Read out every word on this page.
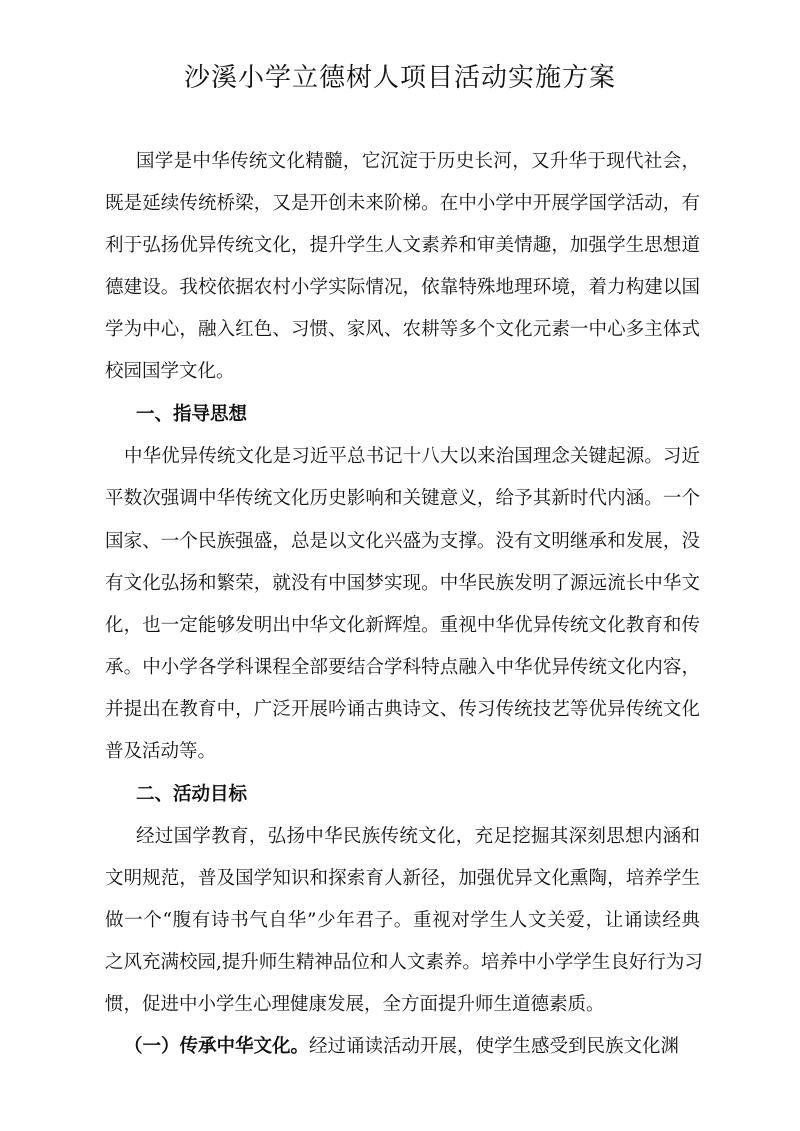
沙溪小学立德树人项目活动实施方案
国学是中华传统文化精髓，它沉淀于历史长河，又升华于现代社会，
既是延续传统桥梁，又是开创未来阶梯。在中小学中开展学国学活动，有
利于弘扬优异传统文化，提升学生人文素养和审美情趣，加强学生思想道
德建设。我校依据农村小学实际情况，依靠特殊地理环境，着力构建以国
学为中心，融入红色、习惯、家风、农耕等多个文化元素一中心多主体式
校园国学文化。
一、指导思想
中华优异传统文化是习近平总书记十八大以来治国理念关键起源。习近
平数次强调中华传统文化历史影响和关键意义，给予其新时代内涵。一个
国家、一个民族强盛，总是以文化兴盛为支撑。没有文明继承和发展，没
有文化弘扬和繁荣，就没有中国梦实现。中华民族发明了源远流长中华文
化，也一定能够发明出中华文化新辉煌。重视中华优异传统文化教育和传
承。中小学各学科课程全部要结合学科特点融入中华优异传统文化内容，
并提出在教育中，广泛开展吟诵古典诗文、传习传统技艺等优异传统文化
普及活动等。
二、活动目标
经过国学教育，弘扬中华民族传统文化，充足挖掘其深刻思想内涵和
文明规范，普及国学知识和探索育人新径，加强优异文化熏陶，培养学生
做一个“腹有诗书气自华”少年君子。重视对学生人文关爱，让诵读经典
之风充满校园,提升师生精神品位和人文素养。培养中小学学生良好行为习
惯，促进中小学生心理健康发展，全方面提升师生道德素质。
（一）传承中华文化。经过诵读活动开展，使学生感受到民族文化渊
